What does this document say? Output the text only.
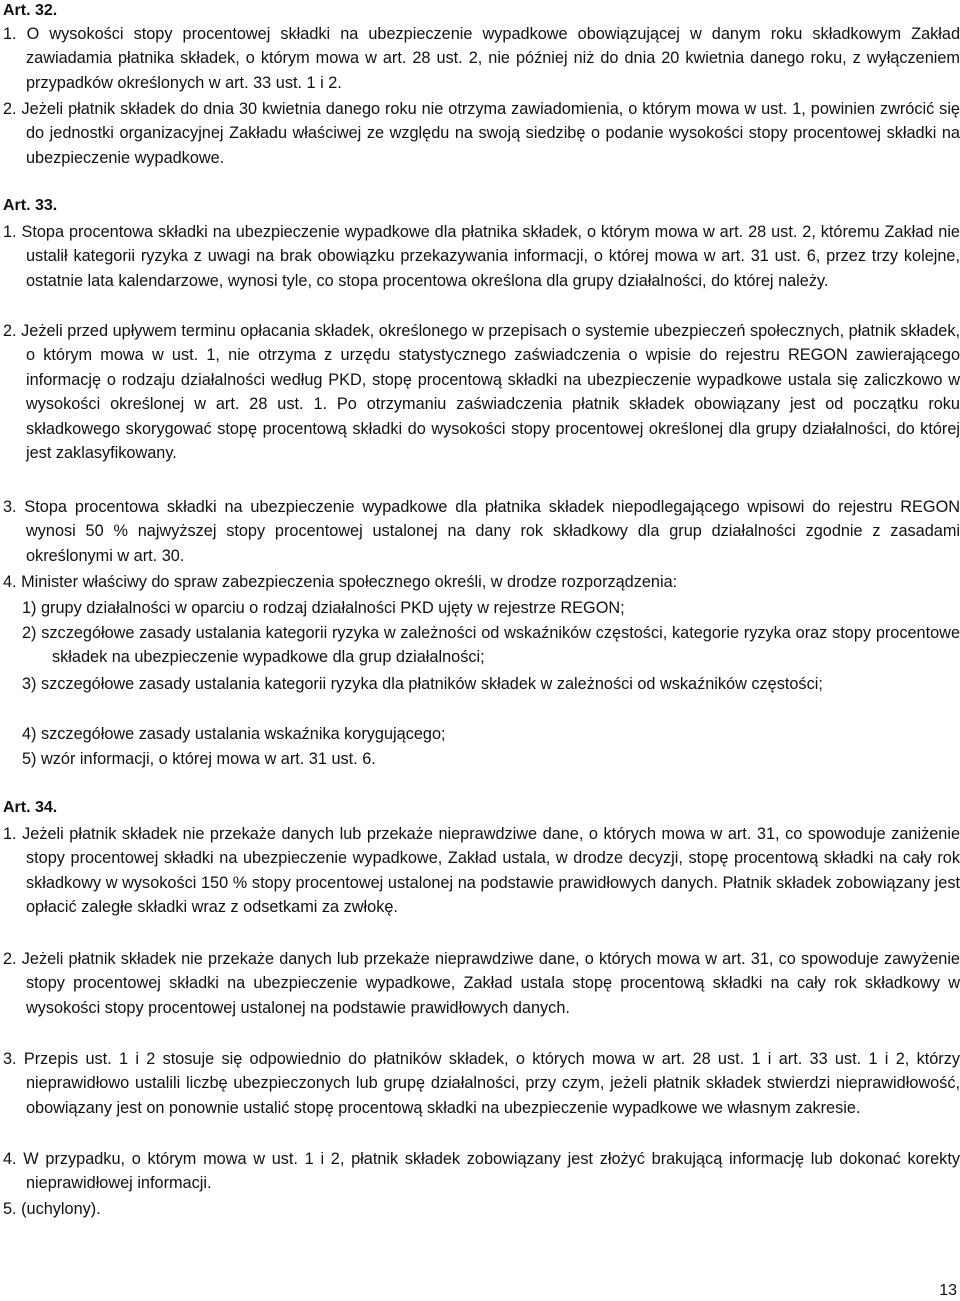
Art. 32.

1. O wysokości stopy procentowej składki na ubezpieczenie wypadkowe obowiązującej w danym roku składkowym Zakład zawiadamia płatnika składek, o którym mowa w art. 28 ust. 2, nie później niż do dnia 20 kwietnia danego roku, z wyłączeniem przypadków określonych w art. 33 ust. 1 i 2.

2. Jeżeli płatnik składek do dnia 30 kwietnia danego roku nie otrzyma zawiadomienia, o którym mowa w ust. 1, powinien zwrócić się do jednostki organizacyjnej Zakładu właściwej ze względu na swoją siedzibę o podanie wysokości stopy procentowej składki na ubezpieczenie wypadkowe.

Art. 33.

1. Stopa procentowa składki na ubezpieczenie wypadkowe dla płatnika składek, o którym mowa w art. 28 ust. 2, któremu Zakład nie ustalił kategorii ryzyka z uwagi na brak obowiązku przekazywania informacji, o której mowa w art. 31 ust. 6, przez trzy kolejne, ostatnie lata kalendarzowe, wynosi tyle, co stopa procentowa określona dla grupy działalności, do której należy.

2. Jeżeli przed upływem terminu opłacania składek, określonego w przepisach o systemie ubezpieczeń społecznych, płatnik składek, o którym mowa w ust. 1, nie otrzyma z urzędu statystycznego zaświadczenia o wpisie do rejestru REGON zawierającego informację o rodzaju działalności według PKD, stopę procentową składki na ubezpieczenie wypadkowe ustala się zaliczkowo w wysokości określonej w art. 28 ust. 1. Po otrzymaniu zaświadczenia płatnik składek obowiązany jest od początku roku składkowego skorygować stopę procentową składki do wysokości stopy procentowej określonej dla grupy działalności, do której jest zaklasyfikowany.

3. Stopa procentowa składki na ubezpieczenie wypadkowe dla płatnika składek niepodlegającego wpisowi do rejestru REGON wynosi 50 % najwyższej stopy procentowej ustalonej na dany rok składkowy dla grup działalności zgodnie z zasadami określonymi w art. 30.

4. Minister właściwy do spraw zabezpieczenia społecznego określi, w drodze rozporządzenia:

1) grupy działalności w oparciu o rodzaj działalności PKD ujęty w rejestrze REGON;

2) szczegółowe zasady ustalania kategorii ryzyka w zależności od wskaźników częstości, kategorie ryzyka oraz stopy procentowe składek na ubezpieczenie wypadkowe dla grup działalności;

3) szczegółowe zasady ustalania kategorii ryzyka dla płatników składek w zależności od wskaźników częstości;

4) szczegółowe zasady ustalania wskaźnika korygującego;

5) wzór informacji, o której mowa w art. 31 ust. 6.

Art. 34.

1. Jeżeli płatnik składek nie przekaże danych lub przekaże nieprawdziwe dane, o których mowa w art. 31, co spowoduje zaniżenie stopy procentowej składki na ubezpieczenie wypadkowe, Zakład ustala, w drodze decyzji, stopę procentową składki na cały rok składkowy w wysokości 150 % stopy procentowej ustalonej na podstawie prawidłowych danych. Płatnik składek zobowiązany jest opłacić zaległe składki wraz z odsetkami za zwłokę.

2. Jeżeli płatnik składek nie przekaże danych lub przekaże nieprawdziwe dane, o których mowa w art. 31, co spowoduje zawyżenie stopy procentowej składki na ubezpieczenie wypadkowe, Zakład ustala stopę procentową składki na cały rok składkowy w wysokości stopy procentowej ustalonej na podstawie prawidłowych danych.

3. Przepis ust. 1 i 2 stosuje się odpowiednio do płatników składek, o których mowa w art. 28 ust. 1 i art. 33 ust. 1 i 2, którzy nieprawidłowo ustalili liczbę ubezpieczonych lub grupę działalności, przy czym, jeżeli płatnik składek stwierdzi nieprawidłowość, obowiązany jest on ponownie ustalić stopę procentową składki na ubezpieczenie wypadkowe we własnym zakresie.

4. W przypadku, o którym mowa w ust. 1 i 2, płatnik składek zobowiązany jest złożyć brakującą informację lub dokonać korekty nieprawidłowej informacji.

5. (uchylony).

13
